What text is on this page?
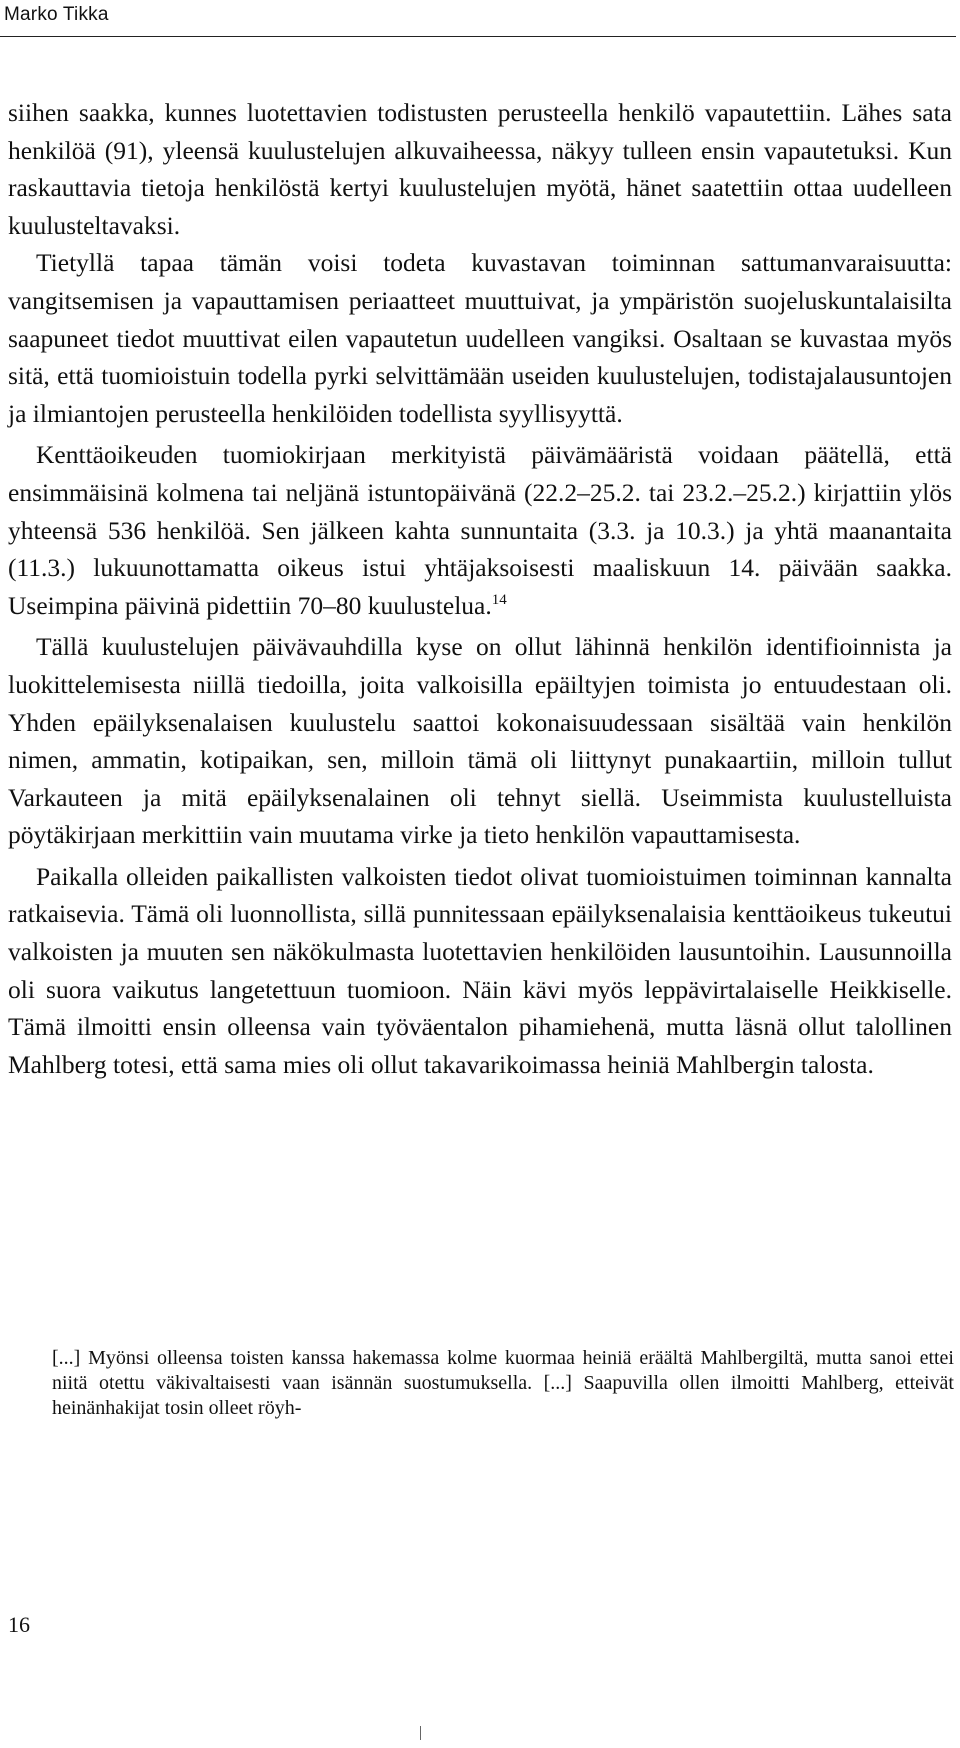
Marko Tikka

siihen saakka, kunnes luotettavien todistusten perusteella henkilö vapautettiin. Lähes sata henkilöä (91), yleensä kuulustelujen alkuvaiheessa, näkyy tulleen ensin vapautetuksi. Kun raskauttavia tietoja henkilöstä kertyi kuulustelujen myötä, hänet saatettiin ottaa uudelleen kuulusteltavaksi.

Tietyllä tapaa tämän voisi todeta kuvastavan toiminnan sattumanvaraisuutta: vangitsemisen ja vapauttamisen periaatteet muuttuivat, ja ympäristön suojeluskuntalaisilta saapuneet tiedot muuttivat eilen vapautetun uudelleen vangiksi. Osaltaan se kuvastaa myös sitä, että tuomioistuin todella pyrki selvittämään useiden kuulustelujen, todistajalausuntojen ja ilmiantojen perusteella henkilöiden todellista syyllisyyttä.

Kenttäoikeuden tuomiokirjaan merkityistä päivämääristä voidaan päätellä, että ensimmäisinä kolmena tai neljänä istuntopäivänä (22.2–25.2. tai 23.2.–25.2.) kirjattiin ylös yhteensä 536 henkilöä. Sen jälkeen kahta sunnuntaita (3.3. ja 10.3.) ja yhtä maanantaita (11.3.) lukuunottamatta oikeus istui yhtäjaksoisesti maaliskuun 14. päivään saakka. Useimpina päivinä pidettiin 70–80 kuulustelua.$^{14}$

Tällä kuulustelujen päivävauhdilla kyse on ollut lähinnä henkilön identifioinnista ja luokittelemisesta niillä tiedoilla, joita valkoisilla epäiltyjen toimista jo entuudestaan oli. Yhden epäilyksenalaisen kuulustelu saattoi kokonaisuudessaan sisältää vain henkilön nimen, ammatin, kotipaikan, sen, milloin tämä oli liittynyt punakaartiin, milloin tullut Varkauteen ja mitä epäilyksenalainen oli tehnyt siellä. Useimmista kuulustelluista pöytäkirjaan merkittiin vain muutama virke ja tieto henkilön vapauttamisesta.

Paikalla olleiden paikallisten valkoisten tiedot olivat tuomioistuimen toiminnan kannalta ratkaisevia. Tämä oli luonnollista, sillä punnitessaan epäilyksenalaisia kenttäoikeus tukeutui valkoisten ja muuten sen näkökulmasta luotettavien henkilöiden lausuntoihin. Lausunnoilla oli suora vaikutus langetettuun tuomioon. Näin kävi myös leppävirtalaiselle Heikkiselle. Tämä ilmoitti ensin olleensa vain työväentalon pihamiehenä, mutta läsnä ollut talollinen Mahlberg totesi, että sama mies oli ollut takavarikoimassa heiniä Mahlbergin talosta.

[...] Myönsi olleensa toisten kanssa hakemassa kolme kuormaa heiniä eräältä Mahlbergiltä, mutta sanoi ettei niitä otettu väkivaltaisesti vaan isännän suostumuksella. [...] Saapuvilla ollen ilmoitti Mahlberg, etteivät heinänhakijat tosin olleet röyh-
16
